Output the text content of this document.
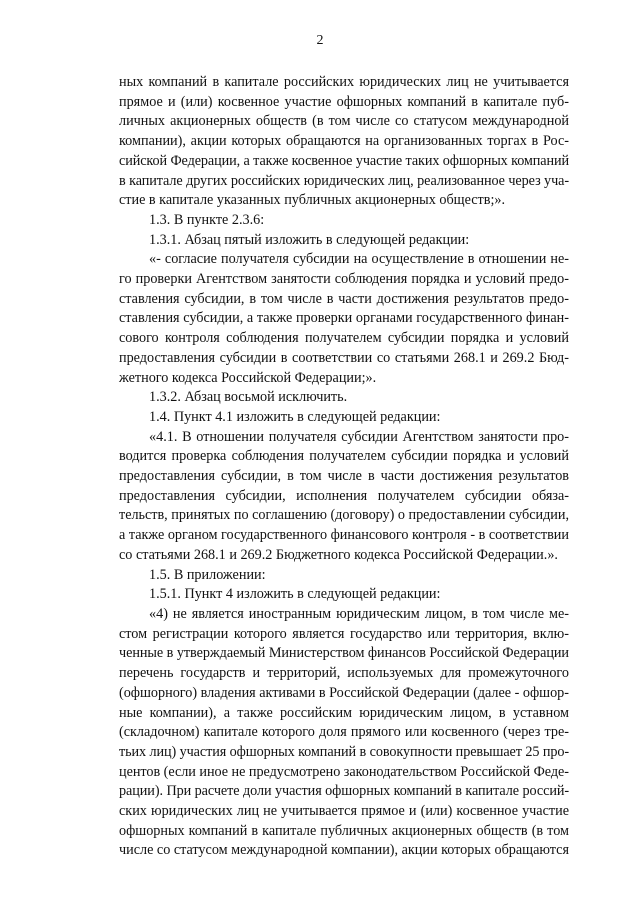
2
ных компаний в капитале российских юридических лиц не учитывается
прямое и (или) косвенное участие офшорных компаний в капитале пуб-
личных акционерных обществ (в том числе со статусом международной
компании), акции которых обращаются на организованных торгах в Рос-
сийской Федерации, а также косвенное участие таких офшорных компаний
в капитале других российских юридических лиц, реализованное через уча-
стие в капитале указанных публичных акционерных обществ;».
1.3. В пункте 2.3.6:
1.3.1. Абзац пятый изложить в следующей редакции:
«- согласие получателя субсидии на осуществление в отношении не-
го проверки Агентством занятости соблюдения порядка и условий предо-
ставления субсидии, в том числе в части достижения результатов предо-
ставления субсидии, а также проверки органами государственного финан-
сового контроля соблюдения получателем субсидии порядка и условий
предоставления субсидии в соответствии со статьями 268.1 и 269.2 Бюд-
жетного кодекса Российской Федерации;».
1.3.2. Абзац восьмой исключить.
1.4. Пункт 4.1 изложить в следующей редакции:
«4.1. В отношении получателя субсидии Агентством занятости про-
водится проверка соблюдения получателем субсидии порядка и условий
предоставления субсидии, в том числе в части достижения результатов
предоставления субсидии, исполнения получателем субсидии обяза-
тельств, принятых по соглашению (договору) о предоставлении субсидии,
а также органом государственного финансового контроля - в соответствии
со статьями 268.1 и 269.2 Бюджетного кодекса Российской Федерации.».
1.5. В приложении:
1.5.1. Пункт 4 изложить в следующей редакции:
«4) не является иностранным юридическим лицом, в том числе ме-
стом регистрации которого является государство или территория, вклю-
ченные в утверждаемый Министерством финансов Российской Федерации
перечень государств и территорий, используемых для промежуточного
(офшорного) владения активами в Российской Федерации (далее - офшор-
ные компании), а также российским юридическим лицом, в уставном
(складочном) капитале которого доля прямого или косвенного (через тре-
тьих лиц) участия офшорных компаний в совокупности превышает 25 про-
центов (если иное не предусмотрено законодательством Российской Феде-
рации). При расчете доли участия офшорных компаний в капитале россий-
ских юридических лиц не учитывается прямое и (или) косвенное участие
офшорных компаний в капитале публичных акционерных обществ (в том
числе со статусом международной компании), акции которых обращаются
